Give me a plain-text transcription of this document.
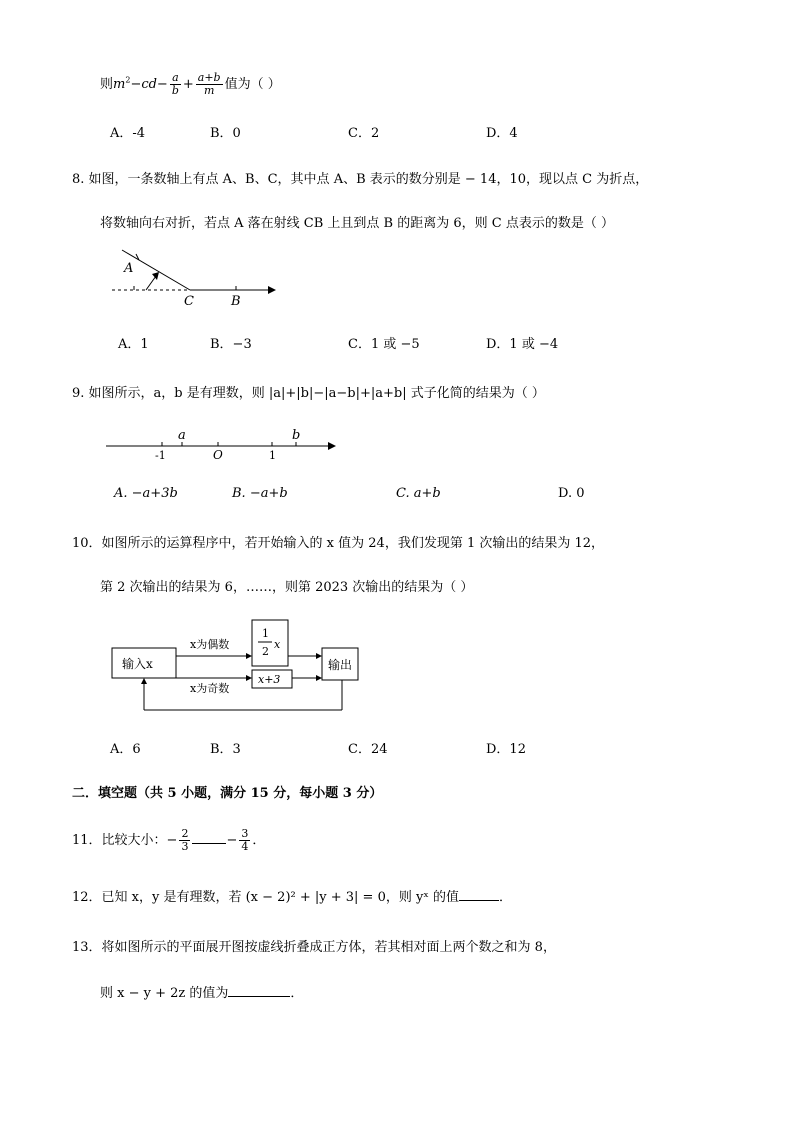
则$m^2-cd- \frac{a}{b} + \frac{a+b}{m}$ 值为（ ）
A．-4	B．0	C．2	D．4
8. 如图，一条数轴上有点 A、B、C，其中点 A、B 表示的数分别是 − 14，10，现以点 C 为折点，
将数轴向右对折，若点 A 落在射线 CB 上且到点 B 的距离为 6，则 C 点表示的数是（ ）
A
C	B
A．1	B．−3	C．1 或 −5	D．1 或 −4
9. 如图所示，a，b 是有理数，则 |a|+|b|−|a−b|+|a+b| 式子化简的结果为（ ）
a	b
-1	O	1
A. −a+3b	B. −a+b	C. a+b	D. 0
10．如图所示的运算程序中，若开始输入的 x 值为 24，我们发现第 1 次输出的结果为 12，
第 2 次输出的结果为 6，……，则第 2023 次输出的结果为（ ）
输入x
x为偶数
1
2
x
x为奇数
x+3
输出
A．6	B．3	C．24	D．12
二．填空题（共 5 小题，满分 15 分，每小题 3 分）
11．比较大小：− $\frac{2}{3}$	− $\frac{3}{4}$ ．
12．已知 x，y 是有理数，若 (x − 2)² + |y + 3| = 0，则 yˣ 的值	．
13．将如图所示的平面展开图按虚线折叠成正方体，若其相对面上两个数之和为 8，
则 x − y + 2z 的值为	．
